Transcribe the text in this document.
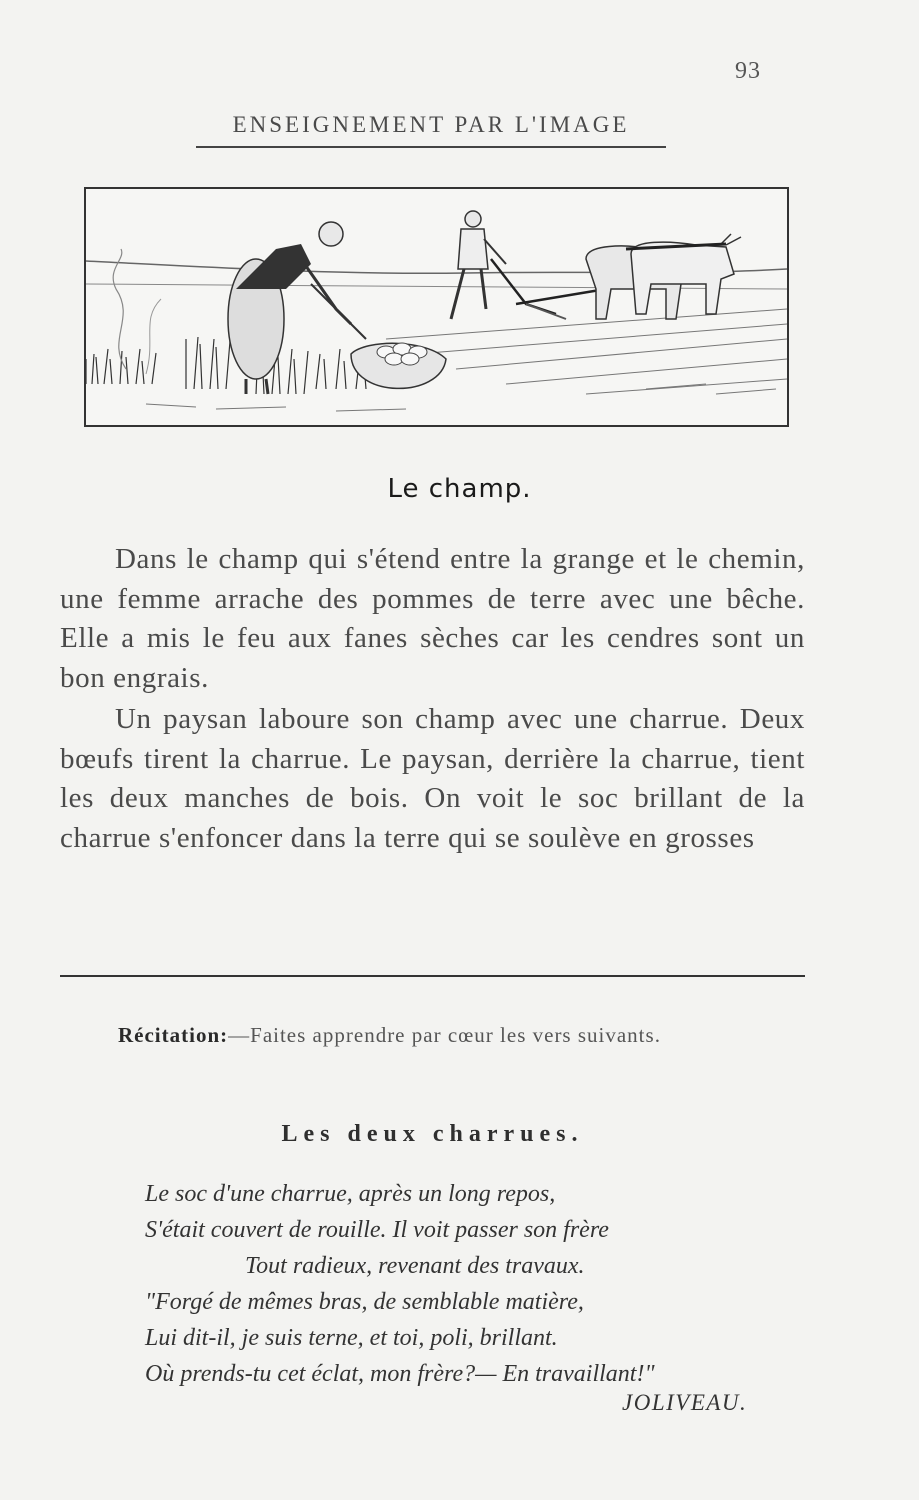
93
ENSEIGNEMENT PAR L'IMAGE
Le champ.

Dans le champ qui s'étend entre la grange et le chemin, une femme arrache des pommes de terre avec une bêche. Elle a mis le feu aux fanes sèches car les cendres sont un bon engrais.

Un paysan laboure son champ avec une charrue. Deux bœufs tirent la charrue. Le paysan, derrière la charrue, tient les deux manches de bois. On voit le soc brillant de la charrue s'enfoncer dans la terre qui se soulève en grosses

Récitation:—Faites apprendre par cœur les vers suivants.
Les deux charrues.
Le soc d'une charrue, après un long repos,
S'était couvert de rouille. Il voit passer son frère
Tout radieux, revenant des travaux.
"Forgé de mêmes bras, de semblable matière,
Lui dit-il, je suis terne, et toi, poli, brillant.
Où prends-tu cet éclat, mon frère?— En travaillant!"
JOLIVEAU.
